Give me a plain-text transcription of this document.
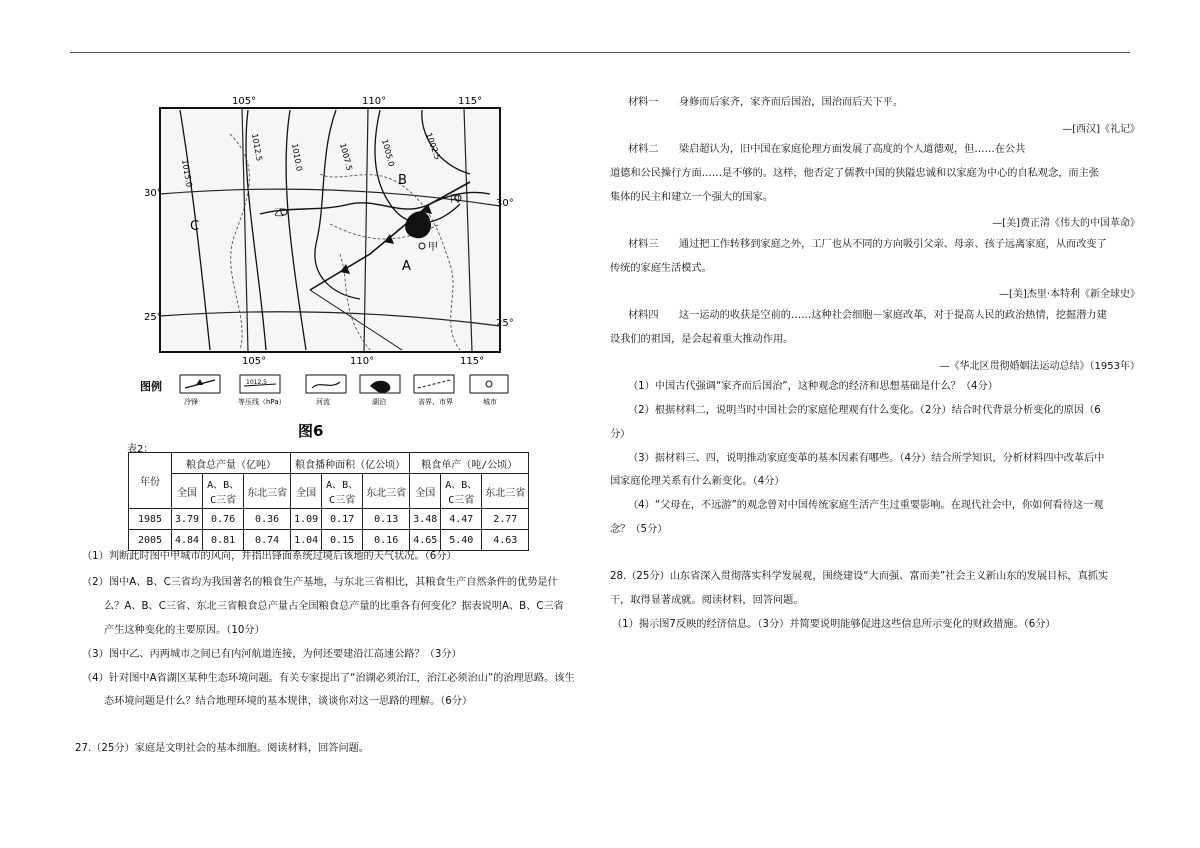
105°	110°	115°
105°	110°	115°
30°
25°
30°
25°
1015.0
1012.5	1010.0	1007.5	1005.0	1002.5
C
A
B
甲
乙
丙
图例
冷锋
1012.5
等压线（hPa）	河流	湖泊	省界、市界	城市
图6
表2：
年份	粮食总产量（亿吨）			粮食播种面积（亿公顷）			粮食单产（吨/公顷）		
	全国	A、B、C三省	东北三省	全国	A、B、C三省	东北三省	全国	A、B、C三省	东北三省
1985	3.79	0.76	0.36	1.09	0.17	0.13	3.48	4.47	2.77
2005	4.84	0.81	0.74	1.04	0.15	0.16	4.65	5.40	4.63
（1）判断此时图中甲城市的风向，并指出锋面系统过境后该地的天气状况。（6分）
（2）图中A、B、C三省均为我国著名的粮食生产基地，与东北三省相比，其粮食生产自然条件的优势是什
么？A、B、C三省、东北三省粮食总产量占全国粮食总产量的比重各有何变化？据表说明A、B、C三省
产生这种变化的主要原因。（10分）
（3）图中乙、丙两城市之间已有内河航道连接，为何还要建沿江高速公路？（3分）
（4）针对图中A省湖区某种生态环境问题。有关专家提出了“治湖必须治江，治江必须治山”的治理思路。该生
态环境问题是什么？结合地理环境的基本规律，谈谈你对这一思路的理解。（6分）
27.（25分）家庭是文明社会的基本细胞。阅读材料，回答问题。
材料一　　身修而后家齐，家齐而后国治，国治而后天下平。
—[西汉]《礼记》
材料二　　梁启超认为，旧中国在家庭伦理方面发展了高度的个人道德观，但……在公共
道德和公民操行方面……是不够的。这样，他否定了儒教中国的狭隘忠诚和以家庭为中心的自私观念，而主张
集体的民主和建立一个强大的国家。
—[美]费正清《伟大的中国革命》
材料三　　通过把工作转移到家庭之外，工厂也从不同的方向吸引父亲、母亲、孩子远离家庭，从而改变了
传统的家庭生活模式。
—[美]杰里·本特利《新全球史》
材料四　　这一运动的收获是空前的……这种社会细胞－家庭改革，对于提高人民的政治热情，挖掘潜力建
设我们的祖国，是会起着重大推动作用。
—《华北区贯彻婚姻法运动总结》（1953年）
（1）中国古代强调“家齐而后国治”，这种观念的经济和思想基础是什么？（4分）
（2）根据材料二，说明当时中国社会的家庭伦理观有什么变化。（2分）结合时代背景分析变化的原因（6
分）
（3）据材料三、四，说明推动家庭变革的基本因素有哪些。（4分）结合所学知识，分析材料四中改革后中
国家庭伦理关系有什么新变化。（4分）
（4）“父母在，不远游”的观念曾对中国传统家庭生活产生过重要影响。在现代社会中，你如何看待这一观
念？（5分）
28.（25分）山东省深入贯彻落实科学发展观，围绕建设“大而强、富而美”社会主义新山东的发展目标，真抓实
干，取得显著成就。阅读材料，回答问题。
（1）揭示图7反映的经济信息。（3分）并简要说明能够促进这些信息所示变化的财政措施。（6分）
